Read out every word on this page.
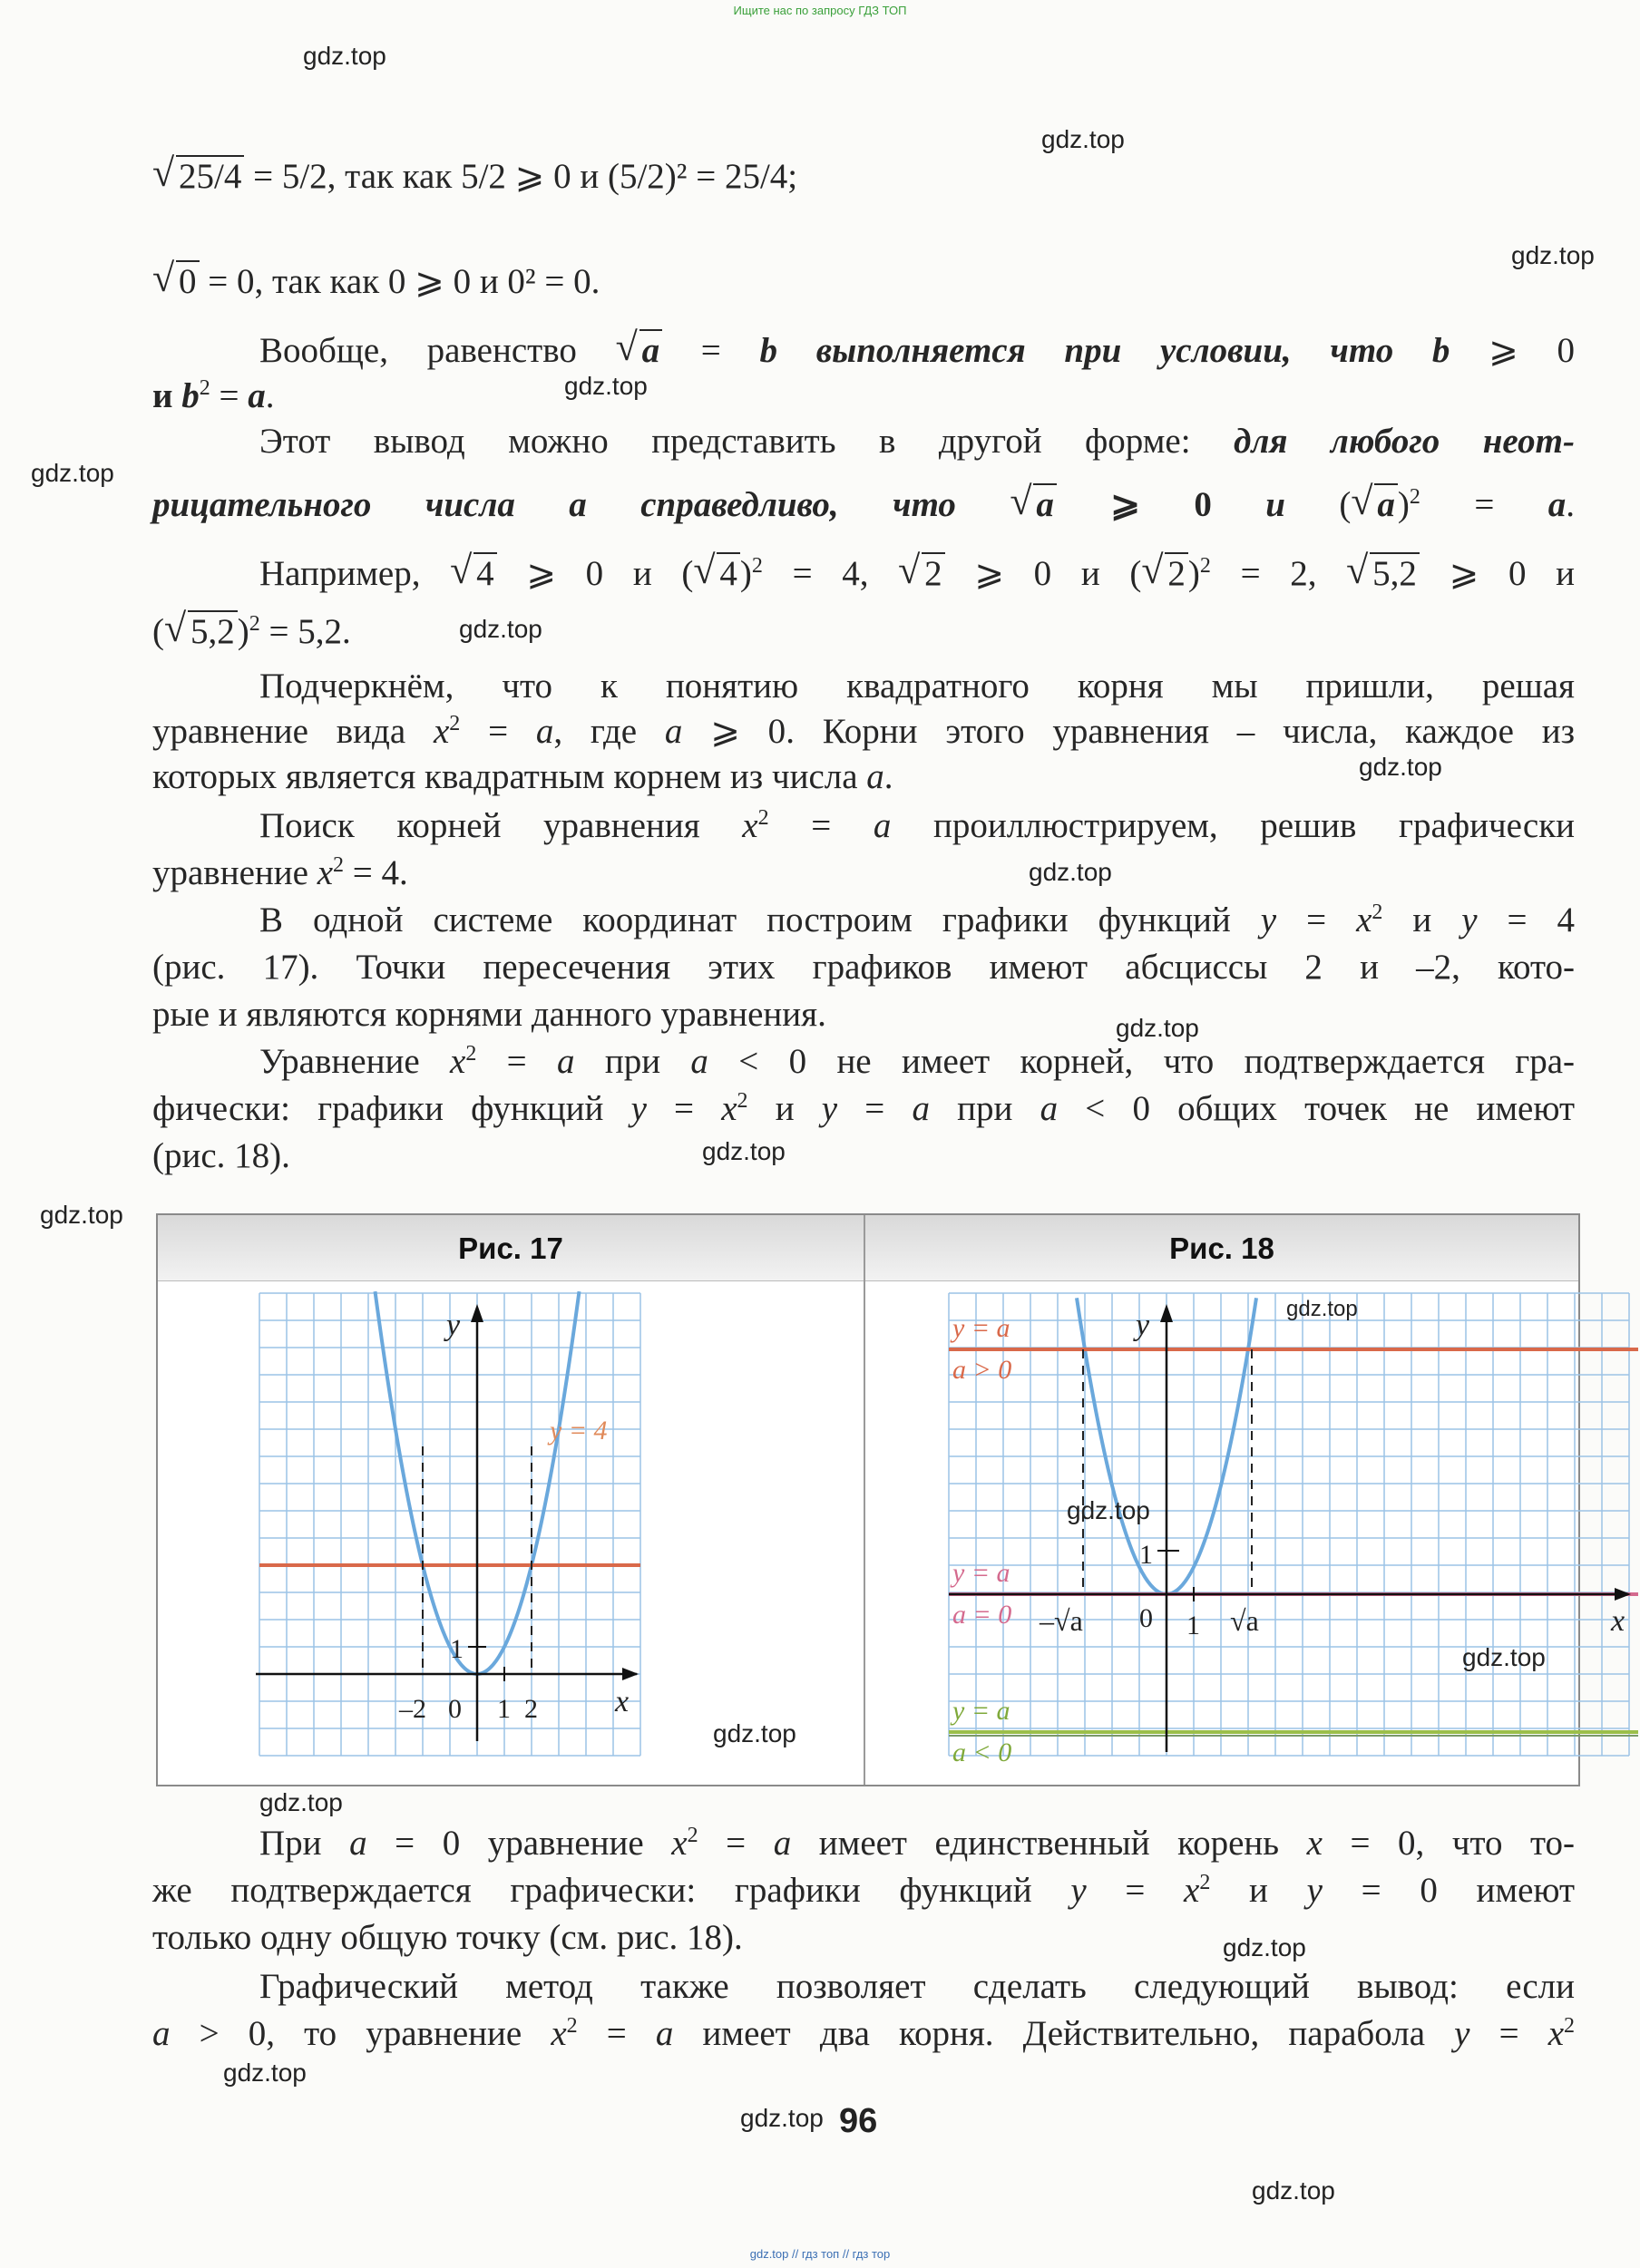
Ищите нас по запросу ГДЗ ТОП
gdz.top
gdz.top
gdz.top
gdz.top
gdz.top
gdz.top
gdz.top
gdz.top
gdz.top
gdz.top
gdz.top
√ 25/4 = 5/2, так как 5/2 ⩾ 0 и (5/2)² = 25/4;
√ 0 = 0, так как 0 ⩾ 0 и 0² = 0.
Вообще, равенство √ a = b выполняется при условии, что b ⩾ 0
и $b^2 = a$.
Этот вывод можно представить в другой форме: для любого неот-
рицательного числа a справедливо, что √ a ⩾ 0 и ( √ a)$^2$ = a.
Например, √ 4 ⩾ 0 и ( √ 4)$^2$ = 4, √ 2 ⩾ 0 и ( √ 2)$^2$ = 2, √ 5,2 ⩾ 0 и
( √ 5,2)$^2$ = 5,2.
Подчеркнём, что к понятию квадратного корня мы пришли, решая
уравнение вида $x^2 = a$, где a ⩾ 0. Корни этого уравнения – числа, каждое из
которых является квадратным корнем из числа a.
Поиск корней уравнения $x^2 = a$ проиллюстрируем, решив графически
уравнение $x^2 = 4$.
В одной системе координат построим графики функций $y = x^2$ и y = 4
(рис. 17). Точки пересечения этих графиков имеют абсциссы 2 и –2, кото-
рые и являются корнями данного уравнения.
Уравнение $x^2 = a$ при a < 0 не имеет корней, что подтверждается гра-
фически: графики функций $y = x^2$ и y = a при a < 0 общих точек не имеют
(рис. 18).
Рис. 17	Рис. 18
x
y
–2 0 1 2
1
y = 4
x
y
1
–√a 0 1 √a
y = a
a > 0
y = a
a = 0
y = a
a < 0
gdz.top
gdz.top
gdz.top
gdz.top
gdz.top
При a = 0 уравнение $x^2 = a$ имеет единственный корень x = 0, что то-
же подтверждается графически: графики функций $y = x^2$ и y = 0 имеют
только одну общую точку (см. рис. 18).	gdz.top
Графический метод также позволяет сделать следующий вывод: если
a > 0, то уравнение $x^2 = a$ имеет два корня. Действительно, парабола $y = x^2$
gdz.top
gdz.top 96
gdz.top
gdz.top // гдз топ // гдз тор
